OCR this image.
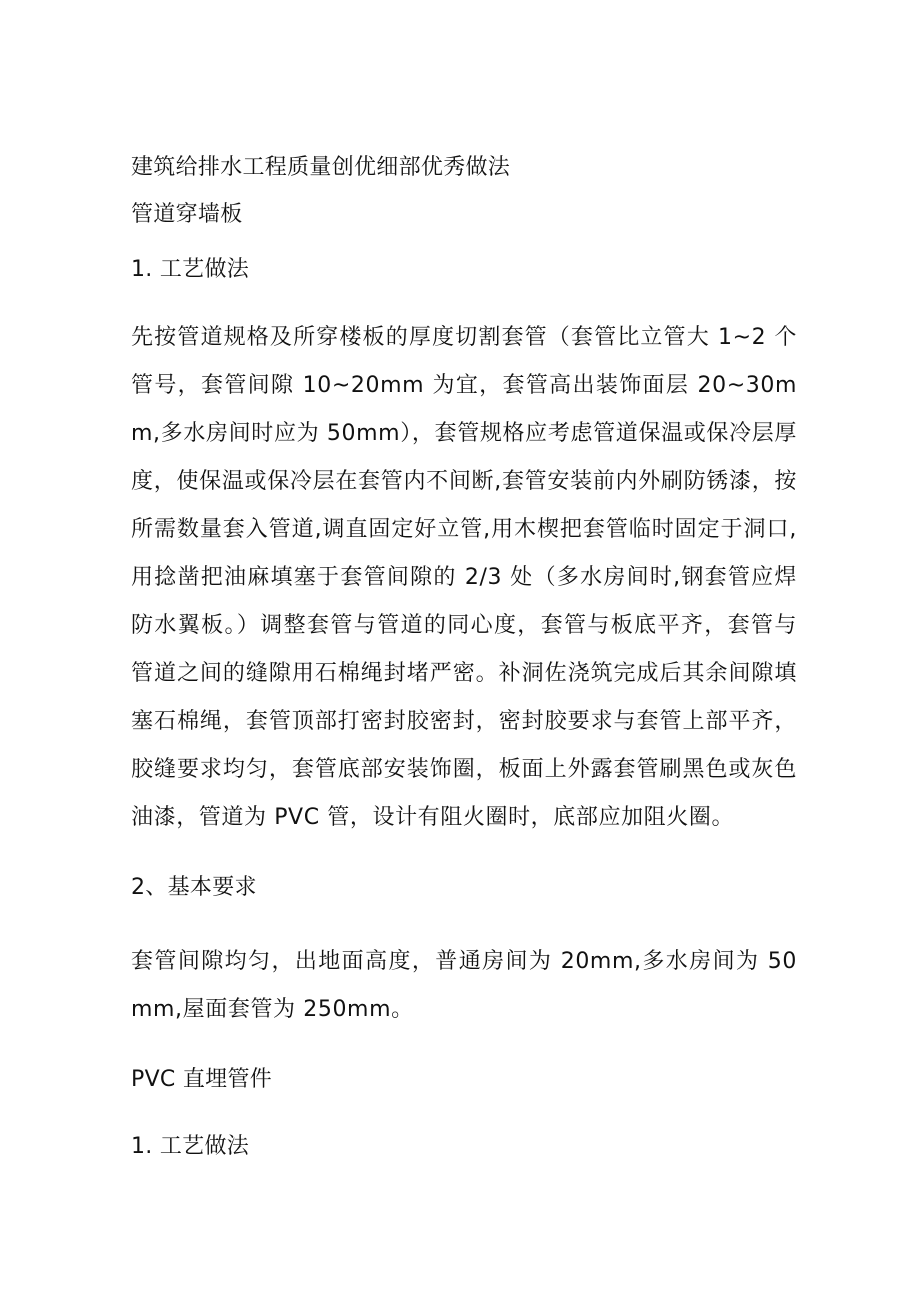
建筑给排水工程质量创优细部优秀做法

管道穿墙板

1. 工艺做法

先按管道规格及所穿楼板的厚度切割套管（套管比立管大 1~2 个管号，套管间隙 10~20mm 为宜，套管高出装饰面层 20~30mm,多水房间时应为 50mm），套管规格应考虑管道保温或保冷层厚度，使保温或保冷层在套管内不间断,套管安装前内外刷防锈漆，按所需数量套入管道,调直固定好立管,用木楔把套管临时固定于洞口,用捻凿把油麻填塞于套管间隙的 2/3 处（多水房间时,钢套管应焊防水翼板。）调整套管与管道的同心度，套管与板底平齐，套管与管道之间的缝隙用石棉绳封堵严密。补洞佐浇筑完成后其余间隙填塞石棉绳，套管顶部打密封胶密封，密封胶要求与套管上部平齐，胶缝要求均匀，套管底部安装饰圈，板面上外露套管刷黑色或灰色油漆，管道为 PVC 管，设计有阻火圈时，底部应加阻火圈。

2、基本要求

套管间隙均匀，出地面高度，普通房间为 20mm,多水房间为 50mm,屋面套管为 250mm。

PVC 直埋管件

1. 工艺做法
